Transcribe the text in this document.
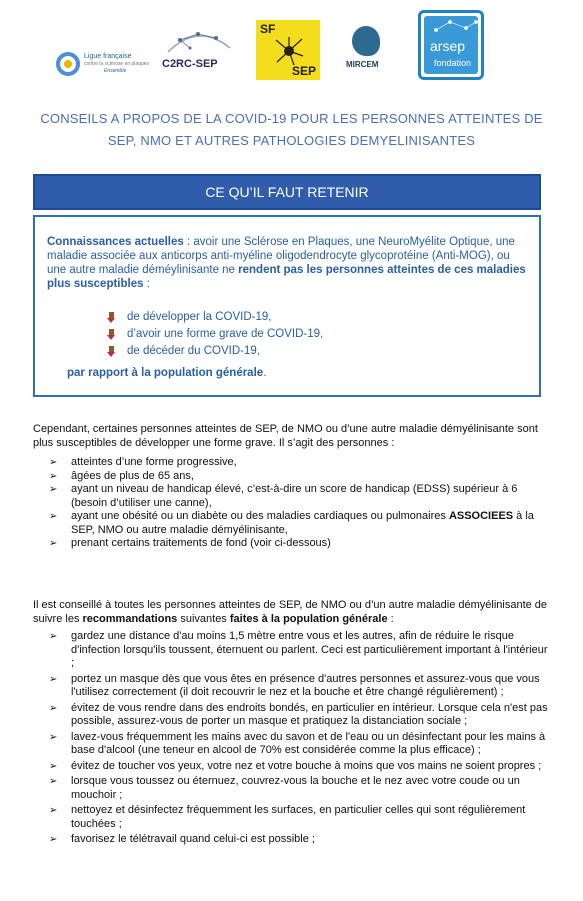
Ligue française
contre la sclérose en plaques
Ensemble
C2RC-SEP
SF
SEP	MIRCEM
arsep
fondation
CONSEILS A PROPOS DE LA COVID-19 POUR LES PERSONNES ATTEINTES DE
SEP, NMO ET AUTRES PATHOLOGIES DEMYELINISANTES
CE QU’IL FAUT RETENIR
Connaissances actuelles : avoir une Sclérose en Plaques, une NeuroMyélite Optique, une maladie associée aux anticorps anti-myéline oligodendrocyte glycoprotéine (Anti-MOG), ou une autre maladie déméylinisante ne rendent pas les personnes atteintes de ces maladies plus susceptibles :
de développer la COVID-19,
d’avoir une forme grave de COVID-19,
de décéder du COVID-19,
par rapport à la population générale.
Cependant, certaines personnes atteintes de SEP, de NMO ou d’une autre maladie démyélinisante sont plus susceptibles de développer une forme grave. Il s’agit des personnes :
➢ atteintes d’une forme progressive,
➢ âgées de plus de 65 ans,
➢ ayant un niveau de handicap élevé, c’est-à-dire un score de handicap (EDSS) supérieur à 6 (besoin d’utiliser une canne),
➢ ayant une obésité ou un diabète ou des maladies cardiaques ou pulmonaires ASSOCIEES à la SEP, NMO ou autre maladie démyélinisante,
➢ prenant certains traitements de fond (voir ci-dessous)
Il est conseillé à toutes les personnes atteintes de SEP, de NMO ou d’un autre maladie démyélinisante de suivre les recommandations suivantes faites à la population générale :
➢ gardez une distance d'au moins 1,5 mètre entre vous et les autres, afin de réduire le risque d'infection lorsqu'ils toussent, éternuent ou parlent. Ceci est particulièrement important à l'intérieur ;
➢ portez un masque dès que vous êtes en présence d'autres personnes et assurez-vous que vous l'utilisez correctement (il doit recouvrir le nez et la bouche et être changé régulièrement) ;
➢ évitez de vous rendre dans des endroits bondés, en particulier en intérieur. Lorsque cela n'est pas possible, assurez-vous de porter un masque et pratiquez la distanciation sociale ;
➢ lavez-vous fréquemment les mains avec du savon et de l'eau ou un désinfectant pour les mains à base d'alcool (une teneur en alcool de 70% est considérée comme la plus efficace) ;
➢ évitez de toucher vos yeux, votre nez et votre bouche à moins que vos mains ne soient propres ;
➢ lorsque vous toussez ou éternuez, couvrez-vous la bouche et le nez avec votre coude ou un mouchoir ;
➢ nettoyez et désinfectez fréquemment les surfaces, en particulier celles qui sont régulièrement touchées ;
➢ favorisez le télétravail quand celui-ci est possible ;
